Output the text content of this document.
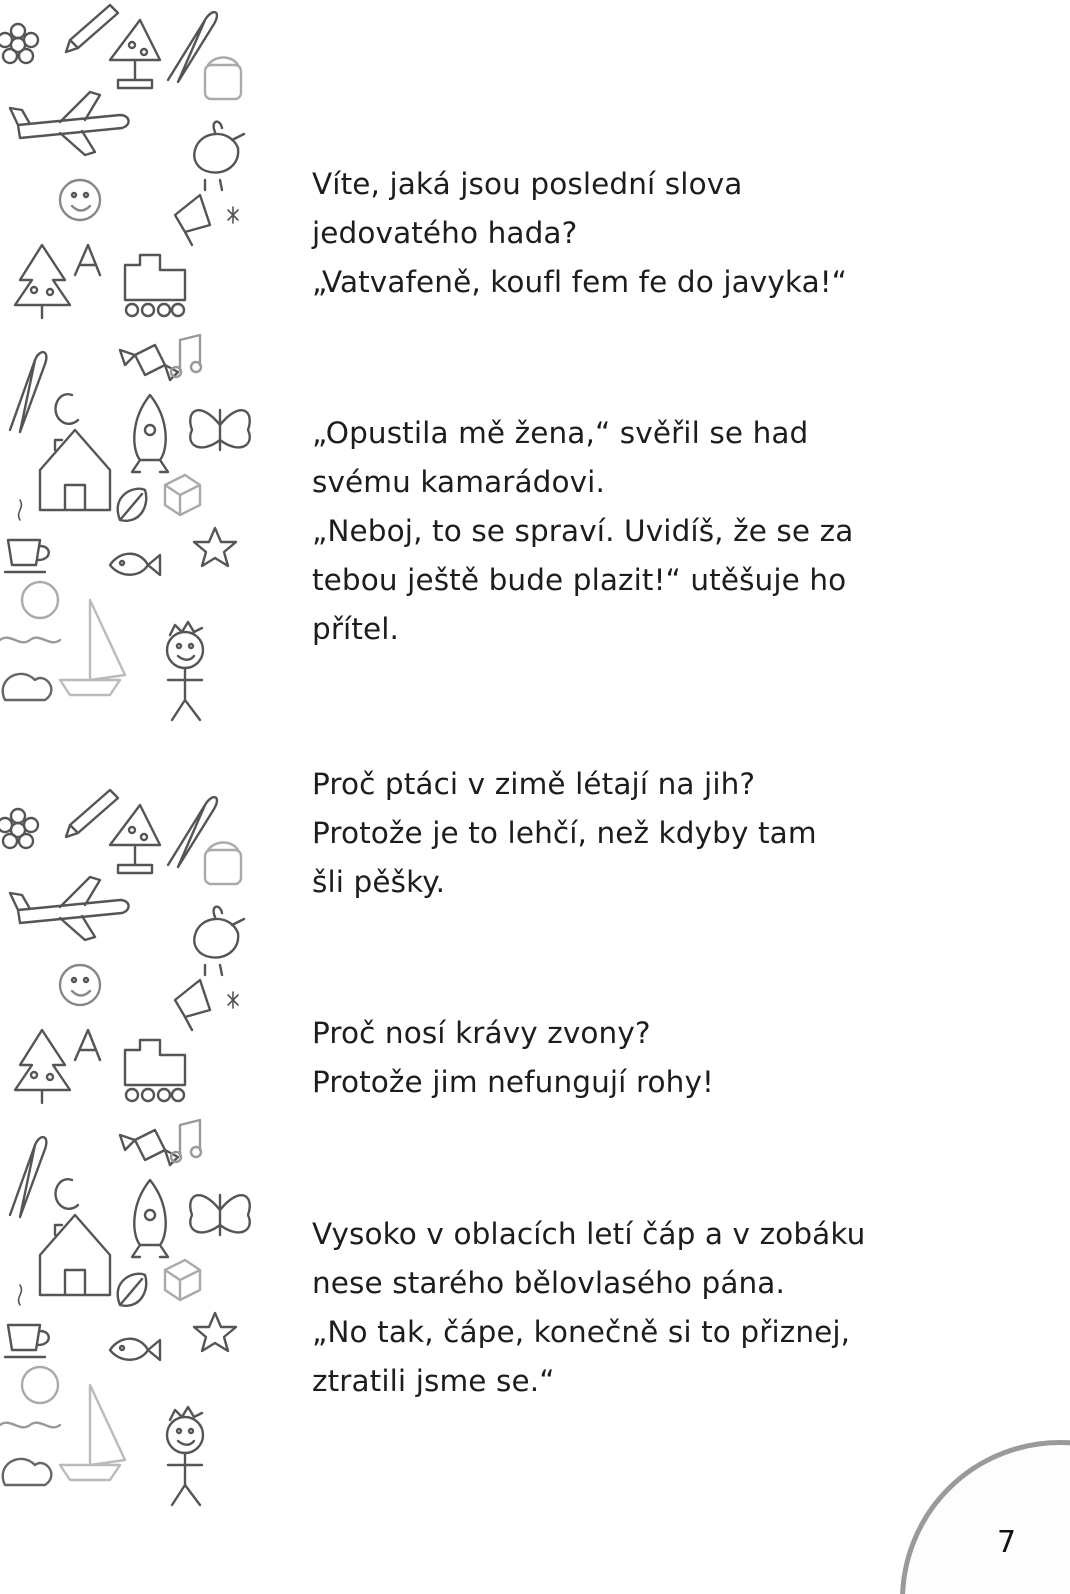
Víte, jaká jsou poslední slova

jedovatého hada?

„Vatvafeně, koufl fem fe do javyka!“

„Opustila mě žena,“ svěřil se had

svému kamarádovi.

„Neboj, to se spraví. Uvidíš, že se za

tebou ještě bude plazit!“ utěšuje ho

přítel.

Proč ptáci v zimě létají na jih?

Protože je to lehčí, než kdyby tam

šli pěšky.

Proč nosí krávy zvony?

Protože jim nefungují rohy!

Vysoko v oblacích letí čáp a v zobáku

nese starého bělovlasého pána.

„No tak, čápe, konečně si to přiznej,

ztratili jsme se.“

7
